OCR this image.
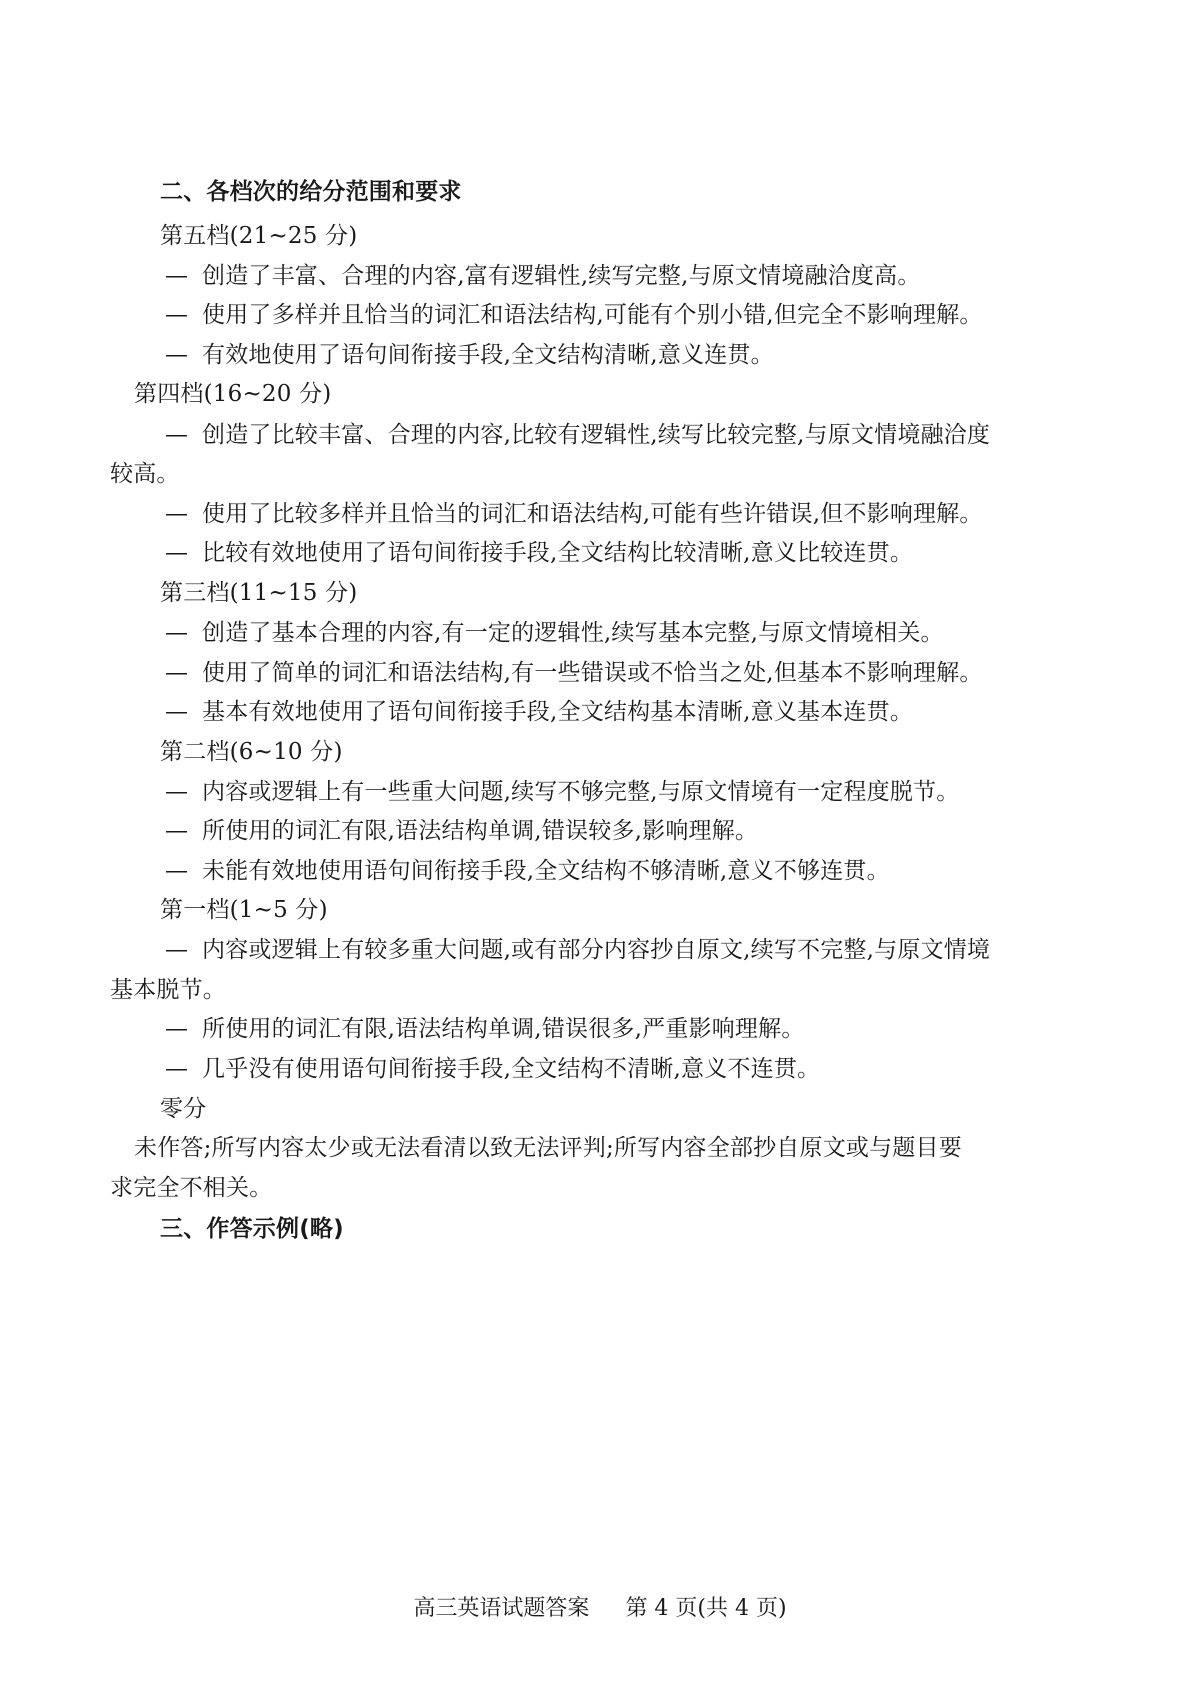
二、各档次的给分范围和要求
第五档(21~25 分)
— 创造了丰富、合理的内容,富有逻辑性,续写完整,与原文情境融洽度高。
— 使用了多样并且恰当的词汇和语法结构,可能有个别小错,但完全不影响理解。
— 有效地使用了语句间衔接手段,全文结构清晰,意义连贯。
第四档(16~20 分)
— 创造了比较丰富、合理的内容,比较有逻辑性,续写比较完整,与原文情境融洽度
较高。
— 使用了比较多样并且恰当的词汇和语法结构,可能有些许错误,但不影响理解。
— 比较有效地使用了语句间衔接手段,全文结构比较清晰,意义比较连贯。
第三档(11~15 分)
— 创造了基本合理的内容,有一定的逻辑性,续写基本完整,与原文情境相关。
— 使用了简单的词汇和语法结构,有一些错误或不恰当之处,但基本不影响理解。
— 基本有效地使用了语句间衔接手段,全文结构基本清晰,意义基本连贯。
第二档(6~10 分)
— 内容或逻辑上有一些重大问题,续写不够完整,与原文情境有一定程度脱节。
— 所使用的词汇有限,语法结构单调,错误较多,影响理解。
— 未能有效地使用语句间衔接手段,全文结构不够清晰,意义不够连贯。
第一档(1~5 分)
— 内容或逻辑上有较多重大问题,或有部分内容抄自原文,续写不完整,与原文情境
基本脱节。
— 所使用的词汇有限,语法结构单调,错误很多,严重影响理解。
— 几乎没有使用语句间衔接手段,全文结构不清晰,意义不连贯。
零分
未作答;所写内容太少或无法看清以致无法评判;所写内容全部抄自原文或与题目要
求完全不相关。
三、作答示例(略)
高三英语试题答案 第 4 页(共 4 页)
